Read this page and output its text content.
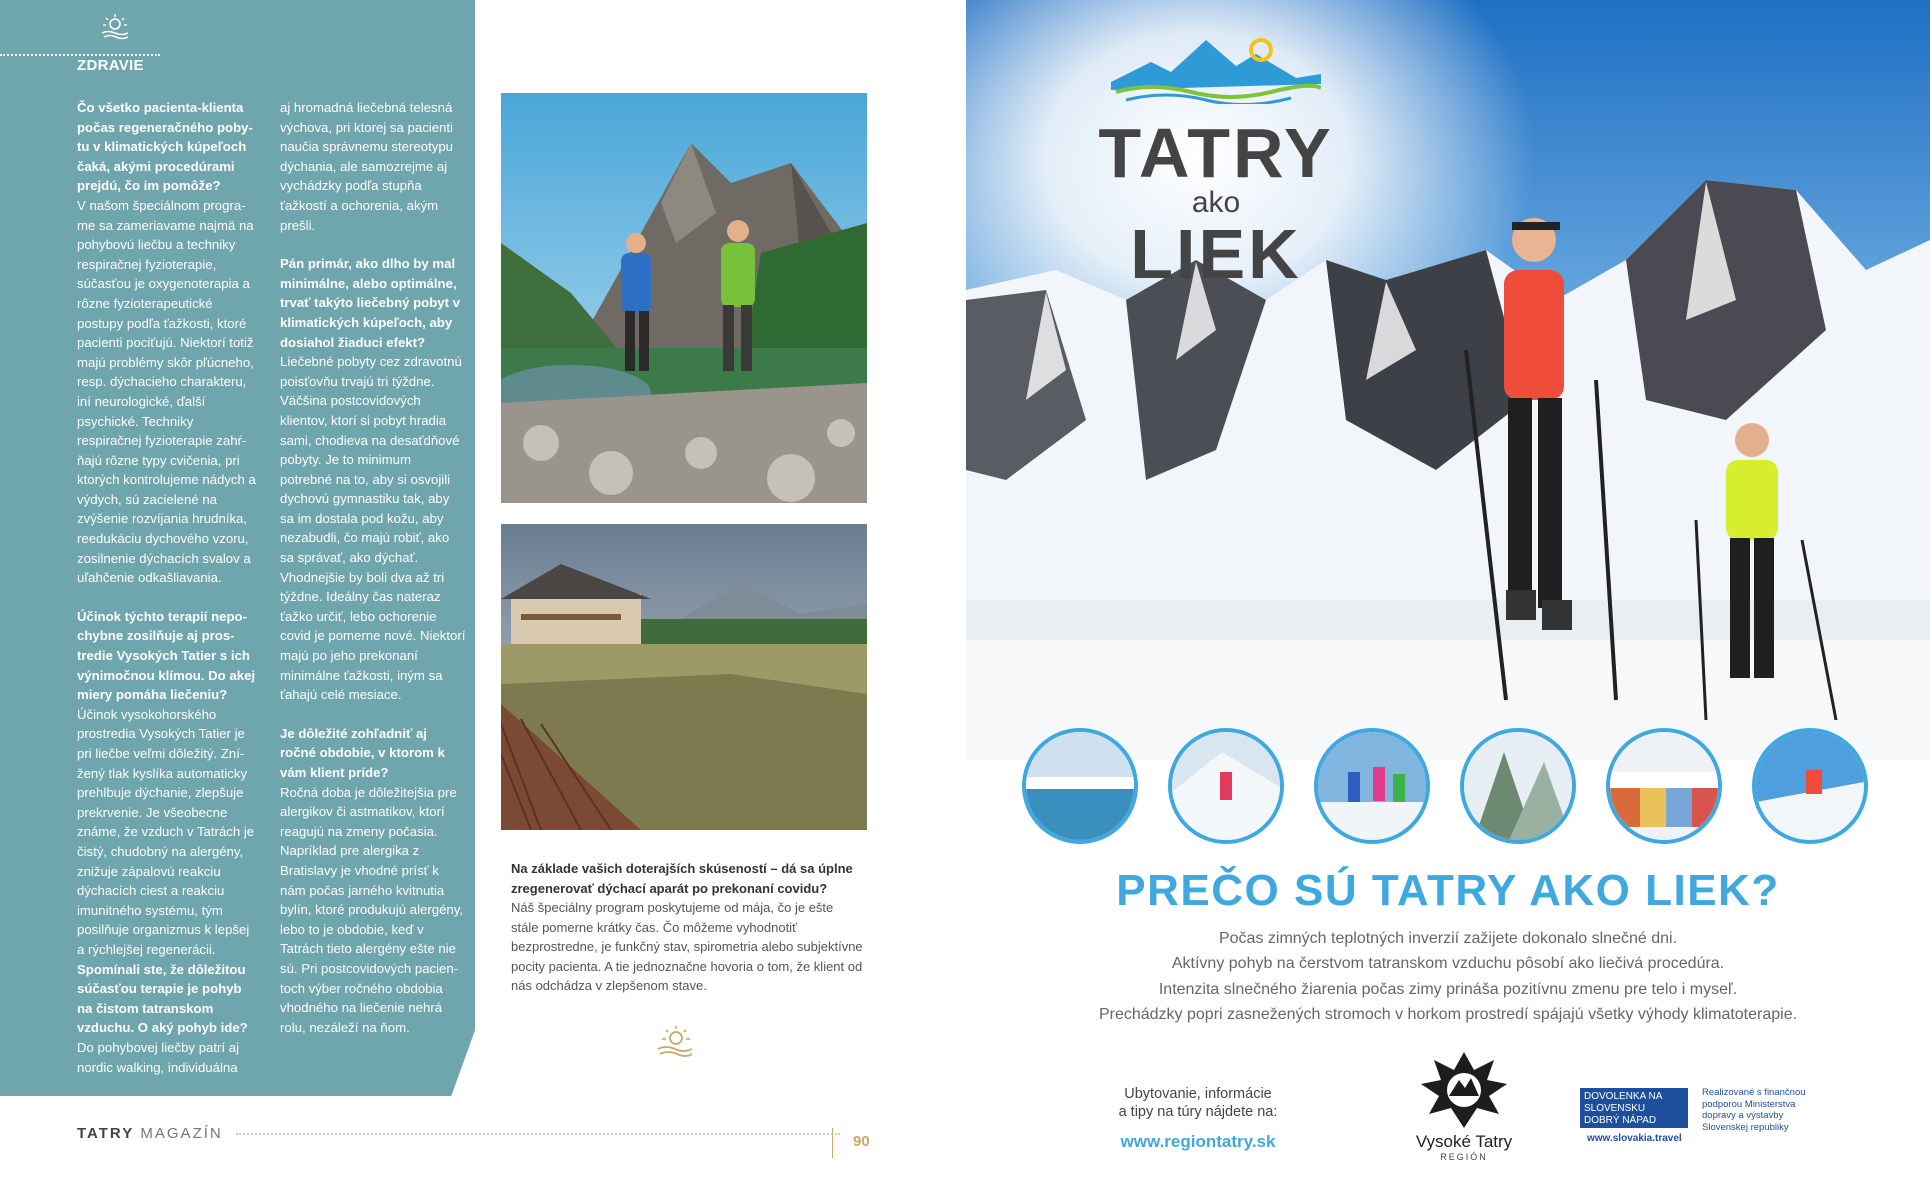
ZDRAVIE

Čo všetko pacienta-klienta počas regeneračného pobytu v klimatických kúpeľoch čaká, akými procedúrami prejdú, čo im pomôže?
V našom špeciálnom programe sa zameriavame najmä na pohybovú liečbu a techniky respiračnej fyzioterapie, súčasťou je oxygenoterapia a rôzne fyzioterapeutické postupy podľa ťažkosti, ktoré pacienti pociťujú. Niektorí totiž majú problémy skôr pľúcneho, resp. dýchacieho charakteru, iní neurologické, ďalší psychické. Techniky respiračnej fyzioterapie zahŕňajú rôzne typy cvičenia, pri ktorých kontrolujeme nádych a výdych, sú zacielené na zvýšenie rozvíjania hrudníka, reedukáciu dychového vzoru, zosilnenie dýchacích svalov a uľahčenie odkašliavania.

Účinok týchto terapií nepochybne zosilňuje aj prostredie Vysokých Tatier s ich výnimočnou klímou. Do akej miery pomáha liečeniu?
Účinok vysokohorského prostredia Vysokých Tatier je pri liečbe veľmi dôležitý. Znížený tlak kyslíka automaticky prehlbuje dýchanie, zlepšuje prekrvenie. Je všeobecne známe, že vzduch v Tatrách je čistý, chudobný na alergény, znižuje zápalovú reakciu dýchacích ciest a reakciu imunitného systému, tým posilňuje organizmus k lepšej a rýchlejšej regenerácii.
Spomínali ste, že dôležitou súčasťou terapie je pohyb na čistom tatranskom vzduchu. O aký pohyb ide?
Do pohybovej liečby patrí aj nordic walking, individuálna

aj hromadná liečebná telesná výchova, pri ktorej sa pacienti naučia správnemu stereotypu dýchania, ale samozrejme aj vychádzky podľa stupňa ťažkostí a ochorenia, akým prešli.

Pán primár, ako dlho by mal minimálne, alebo optimálne, trvať takýto liečebný pobyt v klimatických kúpeľoch, aby dosiahol žiaduci efekt?
Liečebné pobyty cez zdravotnú poisťovňu trvajú tri týždne. Väčšina postcovidových klientov, ktorí si pobyt hradia sami, chodieva na desaťdňové pobyty. Je to minimum potrebné na to, aby si osvojili dychovú gymnastiku tak, aby sa im dostala pod kožu, aby nezabudli, čo majú robiť, ako sa správať, ako dýchať. Vhodnejšie by boli dva až tri týždne. Ideálny čas nateraz ťažko určiť, lebo ochorenie covid je pomerne nové. Niektorí majú po jeho prekonaní minimálne ťažkosti, iným sa ťahajú celé mesiace.

Je dôležité zohľadniť aj ročné obdobie, v ktorom k vám klient príde?
Ročná doba je dôležitejšia pre alergikov či astmatikov, ktorí reagujú na zmeny počasia. Napríklad pre alergika z Bratislavy je vhodné prísť k nám počas jarného kvitnutia bylín, ktoré produkujú alergény, lebo to je obdobie, keď v Tatrách tieto alergény ešte nie sú. Pri postcovidových pacientoch výber ročného obdobia vhodného na liečenie nehrá rolu, nezáleží na ňom.

Na základe vašich doterajších skúseností – dá sa úplne zregenerovať dýchací aparát po prekonaní covidu?
Náš špeciálny program poskytujeme od mája, čo je ešte stále pomerne krátky čas. Čo môžeme vyhodnotiť bezprostredne, je funkčný stav, spirometria alebo subjektívne pocity pacienta. A tie jednoznačne hovoria o tom, že klient od nás odchádza v zlepšenom stave.
TATRY MAGAZÍN	90
TATRY
ako
LIEK
PREČO SÚ TATRY AKO LIEK?
Počas zimných teplotných inverzií zažijete dokonalo slnečné dni.
Aktívny pohyb na čerstvom tatranskom vzduchu pôsobí ako liečivá procedúra.
Intenzita slnečného žiarenia počas zimy prináša pozitívnu zmenu pre telo i myseľ.
Prechádzky popri zasnežených stromoch v horkom prostredí spájajú všetky výhody klimatoterapie.
Ubytovanie, informácie
a tipy na túry nájdete na:
www.regiontatry.sk	Vysoké Tatry
REGIÓN
DOVOLENKA NA
SLOVENSKU
DOBRÝ NÁPAD
www.slovakia.travel
Realizované s finančnou podporou Ministerstva dopravy a výstavby Slovenskej republiky
